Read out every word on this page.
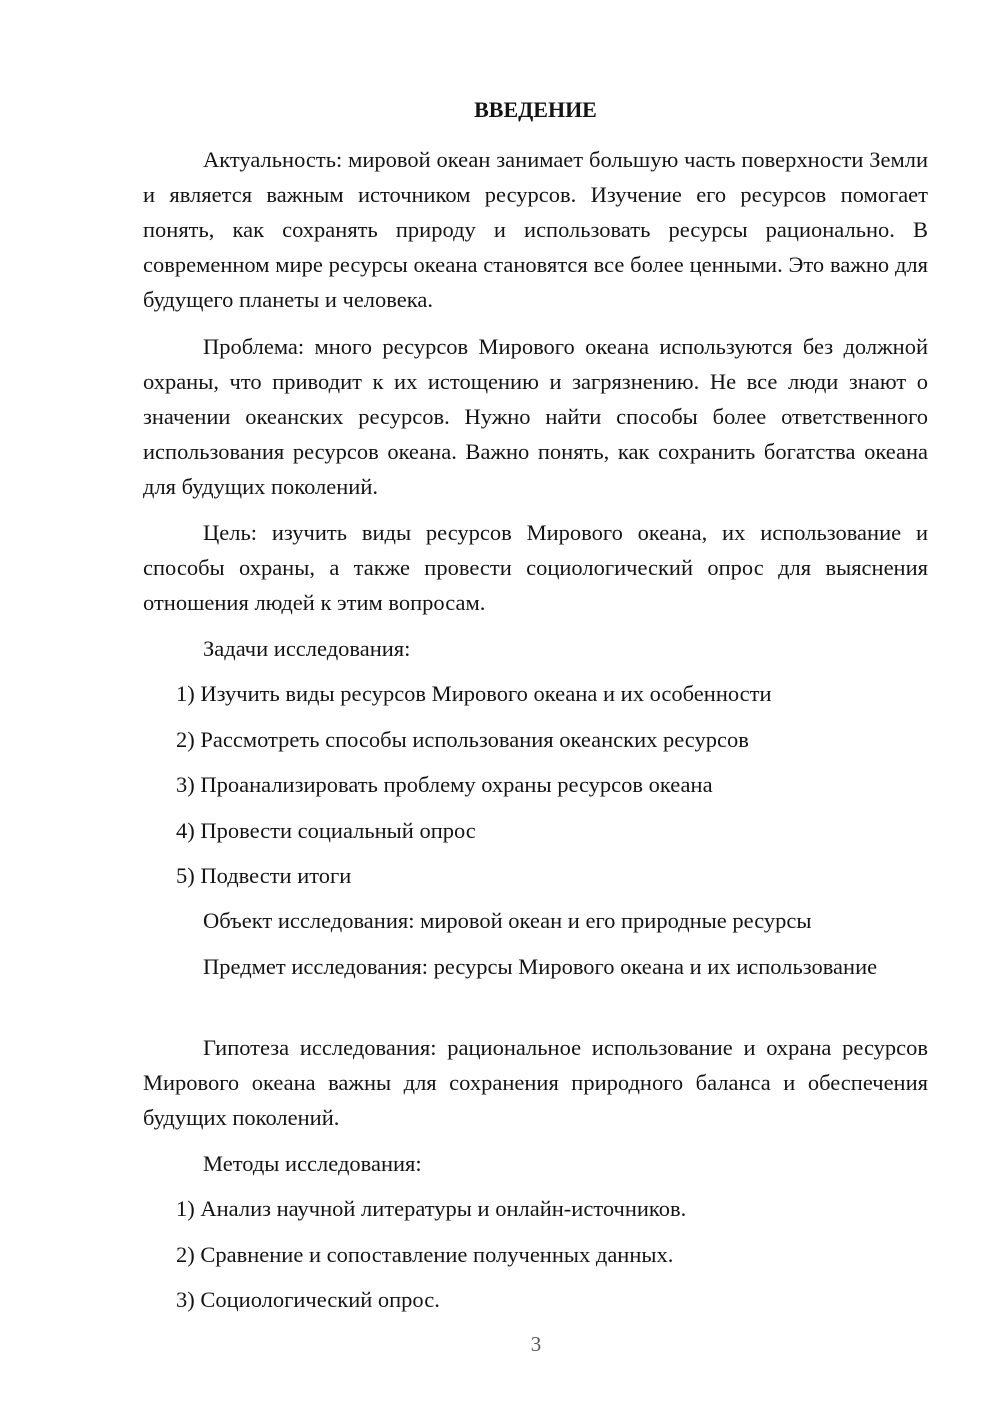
ВВЕДЕНИЕ

Актуальность: мировой океан занимает большую часть поверхности Земли и является важным источником ресурсов. Изучение его ресурсов помогает понять, как сохранять природу и использовать ресурсы рационально. В современном мире ресурсы океана становятся все более ценными. Это важно для будущего планеты и человека.

Проблема: много ресурсов Мирового океана используются без должной охраны, что приводит к их истощению и загрязнению. Не все люди знают о значении океанских ресурсов. Нужно найти способы более ответственного использования ресурсов океана. Важно понять, как сохранить богатства океана для будущих поколений.

Цель: изучить виды ресурсов Мирового океана, их использование и способы охраны, а также провести социологический опрос для выяснения отношения людей к этим вопросам.

Задачи исследования:

1) Изучить виды ресурсов Мирового океана и их особенности

2) Рассмотреть способы использования океанских ресурсов

3) Проанализировать проблему охраны ресурсов океана

4) Провести социальный опрос

5) Подвести итоги

Объект исследования: мировой океан и его природные ресурсы

Предмет исследования: ресурсы Мирового океана и их использование

Гипотеза исследования: рациональное использование и охрана ресурсов Мирового океана важны для сохранения природного баланса и обеспечения будущих поколений.

Методы исследования:

1) Анализ научной литературы и онлайн-источников.

2) Сравнение и сопоставление полученных данных.

3) Социологический опрос.

3
